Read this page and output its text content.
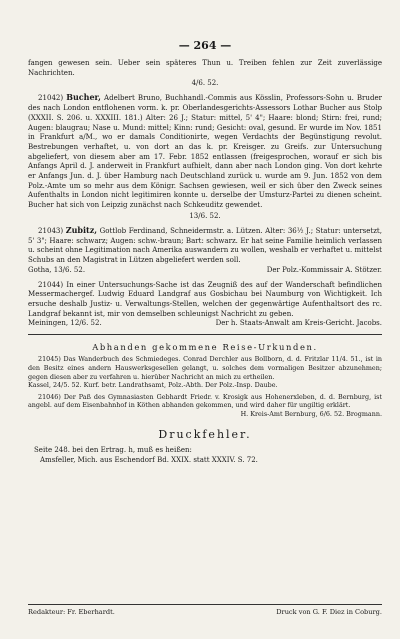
— 264 —

fangen gewesen sein. Ueber sein späteres Thun u. Treiben fehlen zur Zeit zuverlässige Nachrichten.

4/6. 52.

21042) Bucher, Adelbert Bruno, Buchhandl.-Commis aus Kösslin, Professors-Sohn u. Bruder des nach London entflohenen vorm. k. pr. Oberlandesgerichts-Assessors Lothar Bucher aus Stolp (XXXII. S. 206. u. XXXIII. 181.) Alter: 26 J.; Statur: mittel, 5' 4"; Haare: blond; Stirn: frei, rund; Augen: blaugrau; Nase u. Mund: mittel; Kinn: rund; Gesicht: oval, gesund. Er wurde im Nov. 1851 in Frankfurt a/M., wo er damals Conditionirte, wegen Verdachts der Begünstigung revolut. Bestrebungen verhaftet, u. von dort an das k. pr. Kreisger. zu Greifs. zur Untersuchung abgeliefert, von diesem aber am 17. Febr. 1852 entlassen (freigesprochen, worauf er sich bis Anfangs April d. J. anderweit in Frankfurt aufhielt, dann aber nach London ging. Von dort kehrte er Anfangs Jun. d. J. über Hamburg nach Deutschland zurück u. wurde am 9. Jun. 1852 von dem Polz.-Amte um so mehr aus dem Königr. Sachsen gewiesen, weil er sich über den Zweck seines Aufenthalts in London nicht legitimiren konnte u. derselbe der Umsturz-Partei zu dienen scheint. Bucher hat sich von Leipzig zunächst nach Schkeuditz gewendet.

13/6. 52.

21043) Zubitz, Gottlob Ferdinand, Schneidermstr. a. Lützen. Alter: 36½ J.; Statur: untersetzt, 5' 3"; Haare: schwarz; Augen: schw.-braun; Bart: schwarz. Er hat seine Familie heimlich verlassen u. scheint ohne Legitimation nach Amerika auswandern zu wollen, weshalb er verhaftet u. mittelst Schubs an den Magistrat in Lützen abgeliefert werden soll.

Gotha, 13/6. 52.	Der Polz.-Kommissair A. Stötzer.

21044) In einer Untersuchungs-Sache ist das Zeugniß des auf der Wanderschaft befindlichen Messermachergef. Ludwig Eduard Landgraf aus Gosbichau bei Naumburg von Wichtigkeit. Ich ersuche deshalb Justiz- u. Verwaltungs-Stellen, welchen der gegenwärtige Aufenthaltsort des rc. Landgraf bekannt ist, mir von demselben schleunigst Nachricht zu geben.

Meiningen, 12/6. 52.	Der h. Staats-Anwalt am Kreis-Gericht. Jacobs.
Abhanden gekommene Reise-Urkunden.

21045) Das Wanderbuch des Schmiedeges. Conrad Derchler aus Bollborn, d. d. Fritzlar 11/4. 51., ist in den Besitz eines andern Hauswerksgesellen gelangt, u. solches dem vormaligen Besitzer abzunehmen; gegen diesen aber zu verfahren u. hierüber Nachricht an mich zu ertheilen.

Kassel, 24/5. 52. Kurf. betr. Landrathsamt, Polz.-Abth. Der Polz.-Insp. Daube.

21046) Der Paß des Gymnasiasten Gebhardt Friedr. v. Krosigk aus Hohenerxleben, d. d. Bernburg, ist angebl. auf dem Eisenbahnhof in Köthen abhanden gekommen, und wird daher für ungiltig erklärt.

H. Kreis-Amt Bernburg, 6/6. 52. Brogmann.

Druckfehler.

Seite 248. bei den Ertrag. h, muß es heißen:

Amsfeller, Mich. aus Eschendorf Bd. XXIX. statt XXXIV. S. 72.

Redakteur: Fr. Eberhardt.	Druck von G. F. Diez in Coburg.
